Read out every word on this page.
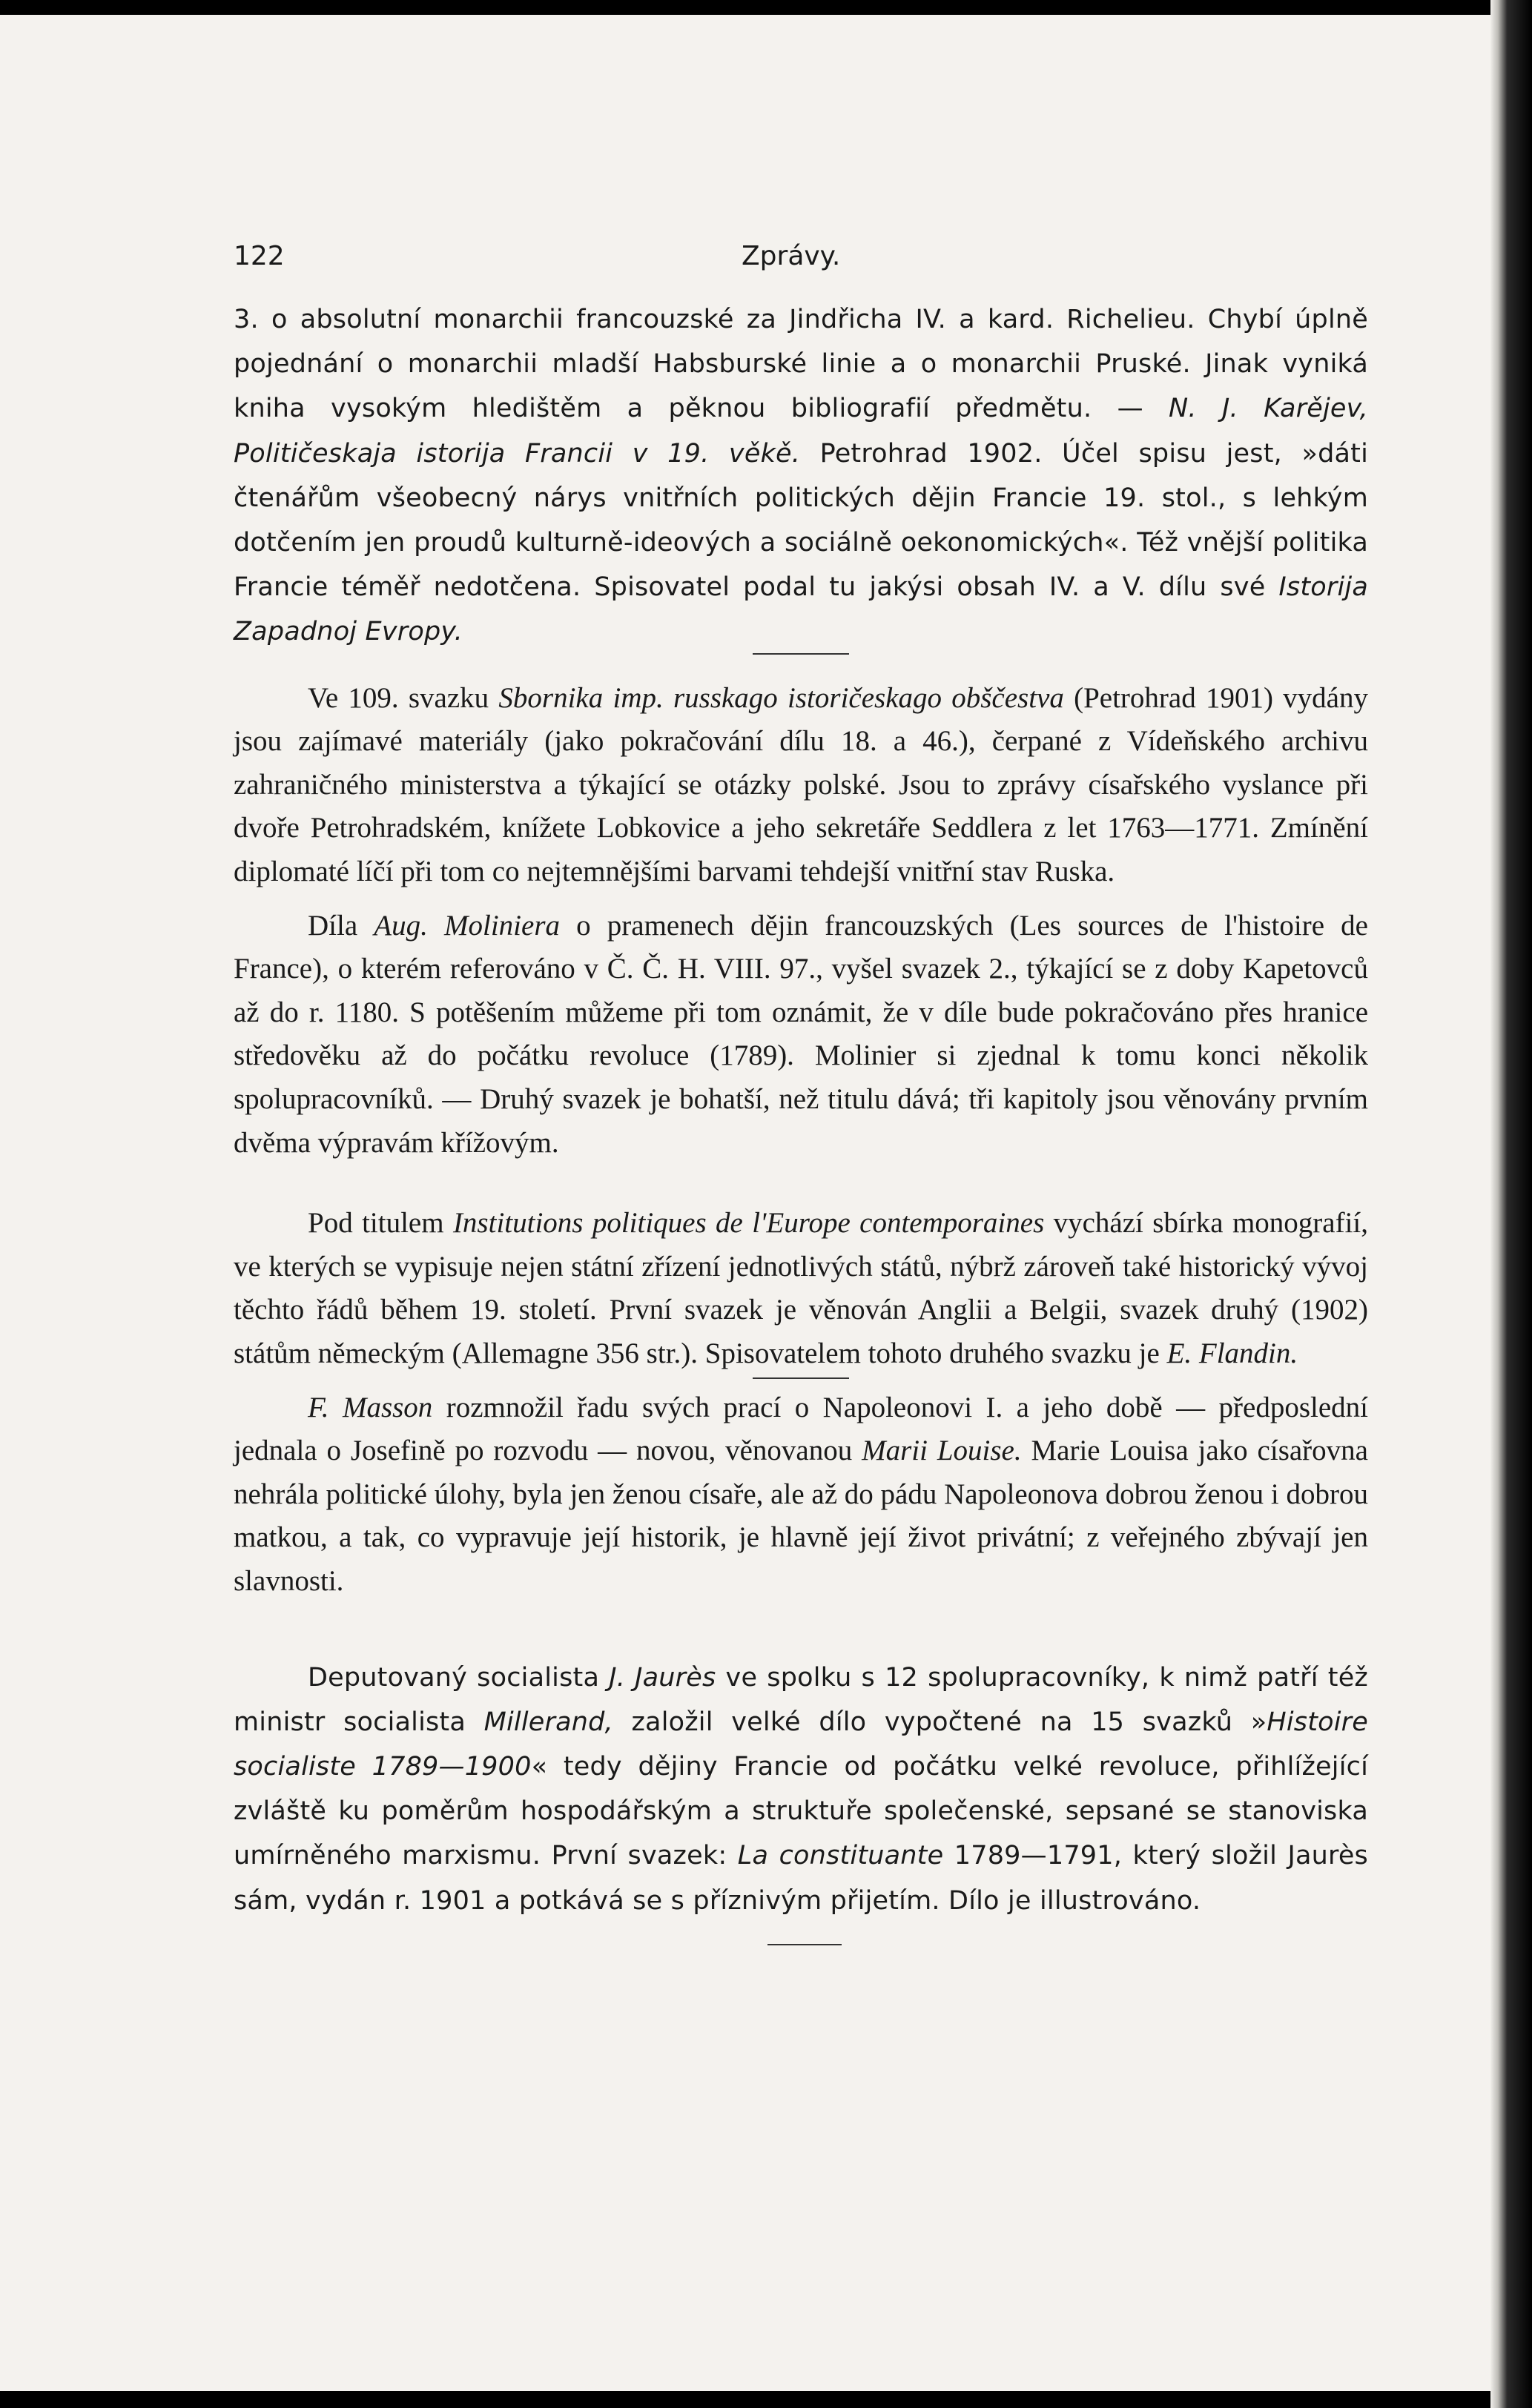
122	Zprávy.

3. o absolutní monarchii francouzské za Jindřicha IV. a kard. Richelieu. Chybí úplně pojednání o monarchii mladší Habsburské linie a o monarchii Pruské. Jinak vyniká kniha vysokým hledištěm a pěknou bibliografií předmětu. — N. J. Karějev, Političeskaja istorija Francii v 19. věkě. Petrohrad 1902. Účel spisu jest, »dáti čtenářům všeobecný nárys vnitřních politických dějin Francie 19. stol., s lehkým dotčením jen proudů kulturně-ideových a sociálně oekonomických«. Též vnější politika Francie téměř nedotčena. Spisovatel podal tu jakýsi obsah IV. a V. dílu své Istorija Zapadnoj Evropy.

Ve 109. svazku Sbornika imp. russkago istoričeskago obščestva (Petrohrad 1901) vydány jsou zajímavé materiály (jako pokračování dílu 18. a 46.), čerpané z Vídeňského archivu zahraničného ministerstva a týkající se otázky polské. Jsou to zprávy císařského vyslance při dvoře Petrohradském, knížete Lobkovice a jeho sekretáře Seddlera z let 1763—1771. Zmínění diplomaté líčí při tom co nejtemnějšími barvami tehdejší vnitřní stav Ruska.

Díla Aug. Moliniera o pramenech dějin francouzských (Les sources de l'histoire de France), o kterém referováno v Č. Č. H. VIII. 97., vyšel svazek 2., týkající se z doby Kapetovců až do r. 1180. S potěšením můžeme při tom oznámit, že v díle bude pokračováno přes hranice středověku až do počátku revoluce (1789). Molinier si zjednal k tomu konci několik spolupracovníků. — Druhý svazek je bohatší, než titulu dává; tři kapitoly jsou věnovány prvním dvěma výpravám křížovým.

Pod titulem Institutions politiques de l'Europe contemporaines vychází sbírka monografií, ve kterých se vypisuje nejen státní zřízení jednotlivých států, nýbrž zároveň také historický vývoj těchto řádů během 19. století. První svazek je věnován Anglii a Belgii, svazek druhý (1902) státům německým (Allemagne 356 str.). Spisovatelem tohoto druhého svazku je E. Flandin.

F. Masson rozmnožil řadu svých prací o Napoleonovi I. a jeho době — předposlední jednala o Josefině po rozvodu — novou, věnovanou Marii Louise. Marie Louisa jako císařovna nehrála politické úlohy, byla jen ženou císaře, ale až do pádu Napoleonova dobrou ženou i dobrou matkou, a tak, co vypravuje její historik, je hlavně její život privátní; z veřejného zbývají jen slavnosti.

Deputovaný socialista J. Jaurès ve spolku s 12 spolupracovníky, k nimž patří též ministr socialista Millerand, založil velké dílo vypočtené na 15 svazků »Histoire socialiste 1789—1900« tedy dějiny Francie od počátku velké revoluce, přihlížející zvláště ku poměrům hospodářským a struktuře společenské, sepsané se stanoviska umírněného marxismu. První svazek: La constituante 1789—1791, který složil Jaurès sám, vydán r. 1901 a potkává se s příznivým přijetím. Dílo je illustrováno.
